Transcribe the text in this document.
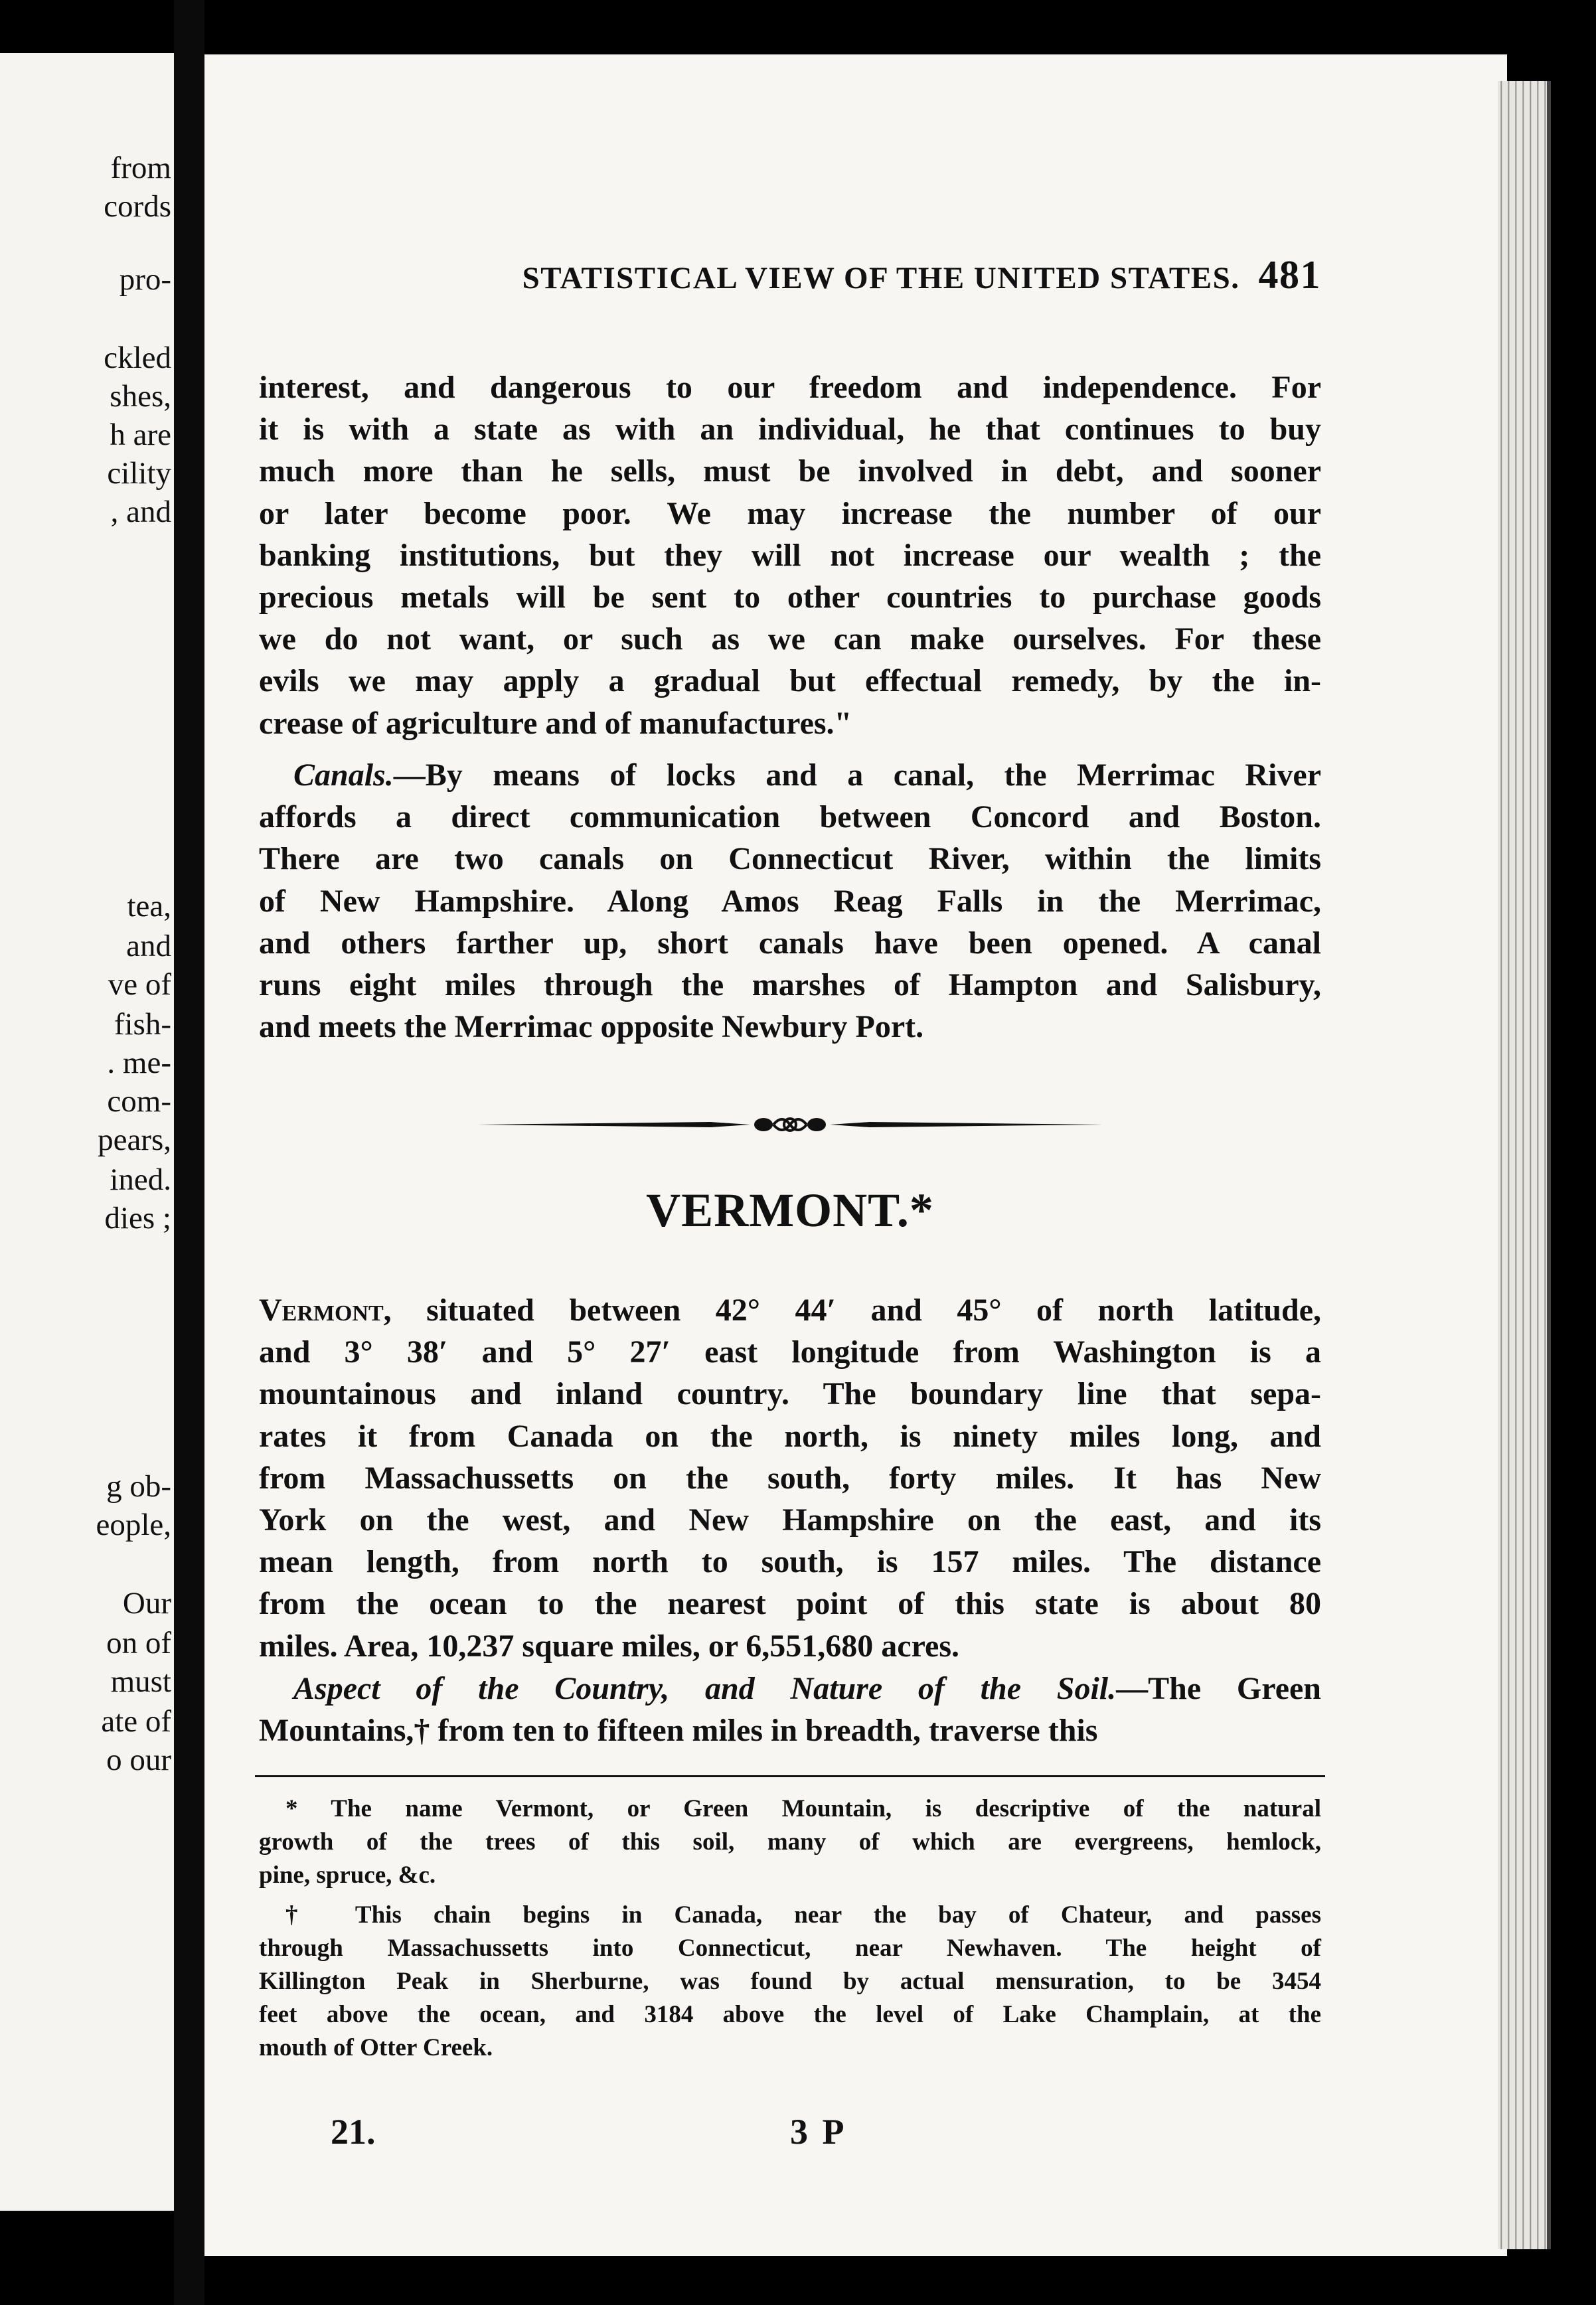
from
cords
pro-
ckled
shes,
h are
cility
, and
tea,
and
ve of
fish-
. me-
com-
pears,
ined.
dies ;
g ob-
eople,
Our
on of
must
ate of
o our
STATISTICAL VIEW OF THE UNITED STATES. 481

interest, and dangerous to our freedom and independence. For
it is with a state as with an individual, he that continues to buy
much more than he sells, must be involved in debt, and sooner
or later become poor. We may increase the number of our
banking institutions, but they will not increase our wealth ; the
precious metals will be sent to other countries to purchase goods
we do not want, or such as we can make ourselves. For these
evils we may apply a gradual but effectual remedy, by the in-
crease of agriculture and of manufactures."

Canals.—By means of locks and a canal, the Merrimac River
affords a direct communication between Concord and Boston.
There are two canals on Connecticut River, within the limits
of New Hampshire. Along Amos Reag Falls in the Merrimac,
and others farther up, short canals have been opened. A canal
runs eight miles through the marshes of Hampton and Salisbury,
and meets the Merrimac opposite Newbury Port.

VERMONT.*

Vermont, situated between 42° 44′ and 45° of north latitude,
and 3° 38′ and 5° 27′ east longitude from Washington is a
mountainous and inland country. The boundary line that sepa-
rates it from Canada on the north, is ninety miles long, and
from Massachussetts on the south, forty miles. It has New
York on the west, and New Hampshire on the east, and its
mean length, from north to south, is 157 miles. The distance
from the ocean to the nearest point of this state is about 80
miles. Area, 10,237 square miles, or 6,551,680 acres.

Aspect of the Country, and Nature of the Soil.—The Green
Mountains,† from ten to fifteen miles in breadth, traverse this

* The name Vermont, or Green Mountain, is descriptive of the natural
growth of the trees of this soil, many of which are evergreens, hemlock,
pine, spruce, &c.
† This chain begins in Canada, near the bay of Chateur, and passes
through Massachussetts into Connecticut, near Newhaven. The height of
Killington Peak in Sherburne, was found by actual mensuration, to be 3454
feet above the ocean, and 3184 above the level of Lake Champlain, at the
mouth of Otter Creek.
21.	3 P
